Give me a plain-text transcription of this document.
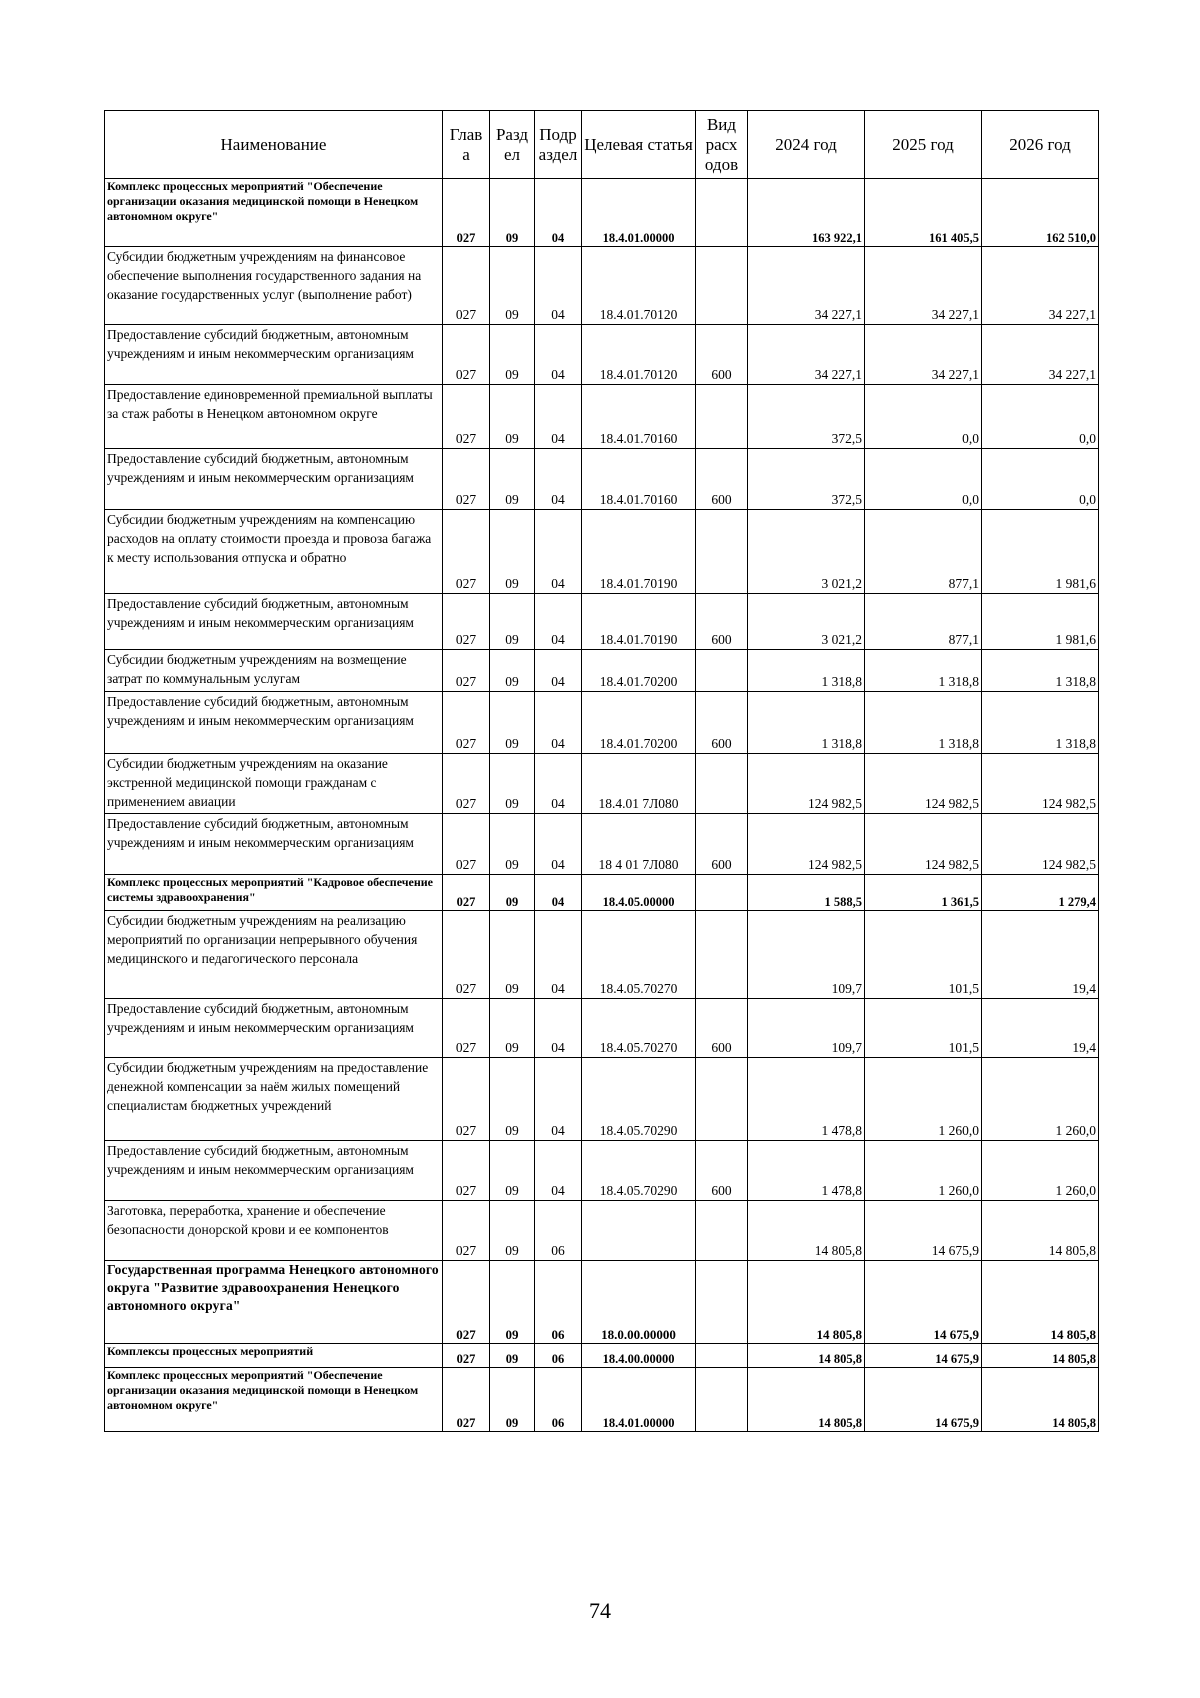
Наименование	Глав а	Разд ел	Подр аздел	Целевая статья	Вид расх одов	2024 год	2025 год	2026 год
Комплекс процессных мероприятий "Обеспечение организации оказания медицинской помощи в Ненецком автономном округе"	027	09	04	18.4.01.00000		163 922,1	161 405,5	162 510,0
Субсидии бюджетным учреждениям на финансовое обеспечение выполнения государственного задания на оказание государственных услуг (выполнение работ)	027	09	04	18.4.01.70120		34 227,1	34 227,1	34 227,1
Предоставление субсидий бюджетным, автономным учреждениям и иным некоммерческим организациям	027	09	04	18.4.01.70120	600	34 227,1	34 227,1	34 227,1
Предоставление единовременной премиальной выплаты за стаж работы в Ненецком автономном округе	027	09	04	18.4.01.70160		372,5	0,0	0,0
Предоставление субсидий бюджетным, автономным учреждениям и иным некоммерческим организациям	027	09	04	18.4.01.70160	600	372,5	0,0	0,0
Субсидии бюджетным учреждениям на компенсацию расходов на оплату стоимости проезда и провоза багажа к месту использования отпуска и обратно	027	09	04	18.4.01.70190		3 021,2	877,1	1 981,6
Предоставление субсидий бюджетным, автономным учреждениям и иным некоммерческим организациям	027	09	04	18.4.01.70190	600	3 021,2	877,1	1 981,6
Субсидии бюджетным учреждениям на возмещение затрат по коммунальным услугам	027	09	04	18.4.01.70200		1 318,8	1 318,8	1 318,8
Предоставление субсидий бюджетным, автономным учреждениям и иным некоммерческим организациям	027	09	04	18.4.01.70200	600	1 318,8	1 318,8	1 318,8
Субсидии бюджетным учреждениям на оказание экстренной медицинской помощи гражданам с применением авиации	027	09	04	18.4.01 7Л080		124 982,5	124 982,5	124 982,5
Предоставление субсидий бюджетным, автономным учреждениям и иным некоммерческим организациям	027	09	04	18 4 01 7Л080	600	124 982,5	124 982,5	124 982,5
Комплекс процессных мероприятий "Кадровое обеспечение системы здравоохранения"	027	09	04	18.4.05.00000		1 588,5	1 361,5	1 279,4
Субсидии бюджетным учреждениям на реализацию мероприятий по организации непрерывного обучения медицинского и педагогического персонала	027	09	04	18.4.05.70270		109,7	101,5	19,4
Предоставление субсидий бюджетным, автономным учреждениям и иным некоммерческим организациям	027	09	04	18.4.05.70270	600	109,7	101,5	19,4
Субсидии бюджетным учреждениям на предоставление денежной компенсации за наём жилых помещений специалистам бюджетных учреждений	027	09	04	18.4.05.70290		1 478,8	1 260,0	1 260,0
Предоставление субсидий бюджетным, автономным учреждениям и иным некоммерческим организациям	027	09	04	18.4.05.70290	600	1 478,8	1 260,0	1 260,0
Заготовка, переработка, хранение и обеспечение безопасности донорской крови и ее компонентов	027	09	06			14 805,8	14 675,9	14 805,8
Государственная программа Ненецкого автономного округа "Развитие здравоохранения Ненецкого автономного округа"	027	09	06	18.0.00.00000		14 805,8	14 675,9	14 805,8
Комплексы процессных мероприятий	027	09	06	18.4.00.00000		14 805,8	14 675,9	14 805,8
Комплекс процессных мероприятий "Обеспечение организации оказания медицинской помощи в Ненецком автономном округе"	027	09	06	18.4.01.00000		14 805,8	14 675,9	14 805,8
74
